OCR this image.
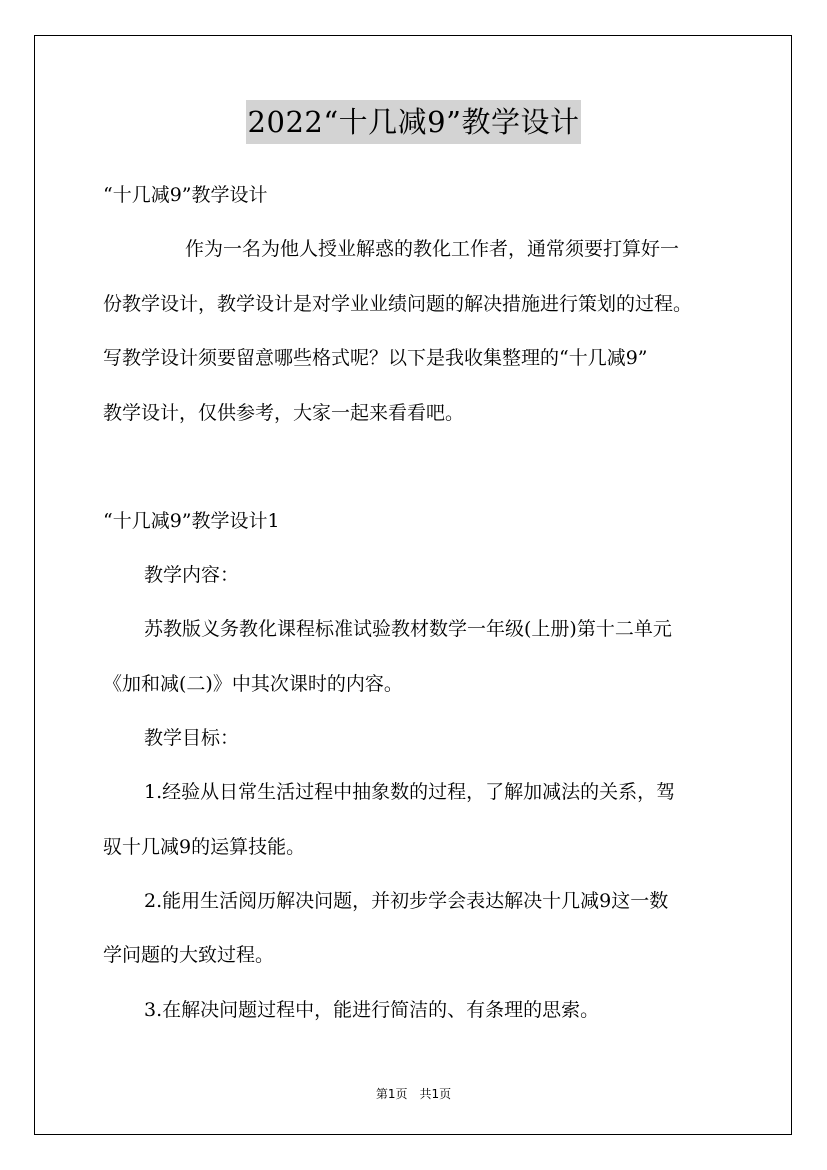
2022“十几减9”教学设计
“十几减9”教学设计
作为一名为他人授业解惑的教化工作者，通常须要打算好一
份教学设计，教学设计是对学业业绩问题的解决措施进行策划的过程。
写教学设计须要留意哪些格式呢？以下是我收集整理的“十几减9”
教学设计，仅供参考，大家一起来看看吧。
“十几减9”教学设计1
教学内容：
苏教版义务教化课程标准试验教材数学一年级(上册)第十二单元
《加和减(二)》中其次课时的内容。
教学目标：
1.经验从日常生活过程中抽象数的过程，了解加减法的关系，驾
驭十几减9的运算技能。
2.能用生活阅历解决问题，并初步学会表达解决十几减9这一数
学问题的大致过程。
3.在解决问题过程中，能进行简洁的、有条理的思索。
第1页 共1页
